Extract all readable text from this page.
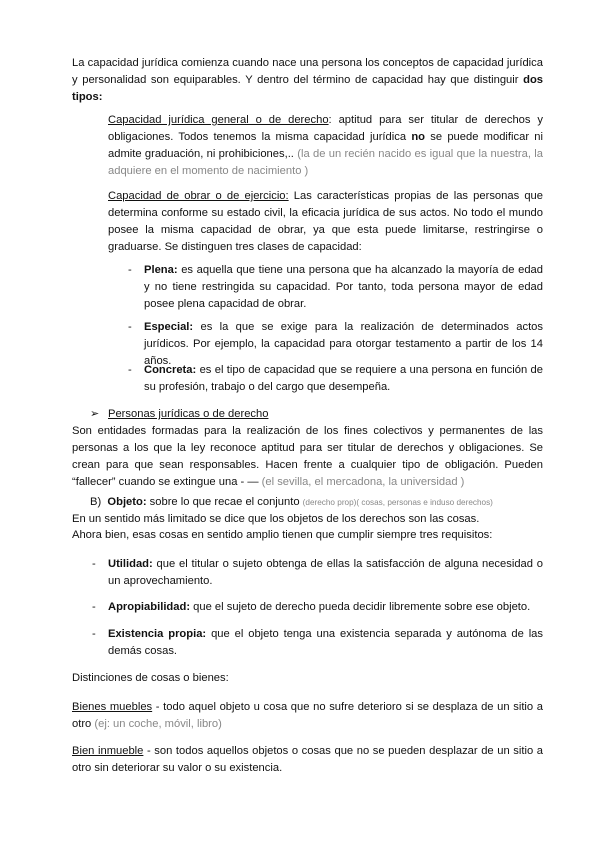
La capacidad jurídica comienza cuando nace una persona los conceptos de capacidad jurídica y personalidad son equiparables. Y dentro del término de capacidad hay que distinguir dos tipos:
Capacidad jurídica general o de derecho: aptitud para ser titular de derechos y obligaciones. Todos tenemos la misma capacidad jurídica no se puede modificar ni admite graduación, ni prohibiciones,.. (la de un recién nacido es igual que la nuestra, la adquiere en el momento de nacimiento )
Capacidad de obrar o de ejercicio: Las características propias de las personas que determina conforme su estado civil, la eficacia jurídica de sus actos. No todo el mundo posee la misma capacidad de obrar, ya que esta puede limitarse, restringirse o graduarse. Se distinguen tres clases de capacidad:
-	Plena: es aquella que tiene una persona que ha alcanzado la mayoría de edad y no tiene restringida su capacidad. Por tanto, toda persona mayor de edad posee plena capacidad de obrar.
-	Especial: es la que se exige para la realización de determinados actos jurídicos. Por ejemplo, la capacidad para otorgar testamento a partir de los 14 años.
-	Concreta: es el tipo de capacidad que se requiere a una persona en función de su profesión, trabajo o del cargo que desempeña.
➢ Personas jurídicas o de derecho
Son entidades formadas para la realización de los fines colectivos y permanentes de las personas a los que la ley reconoce aptitud para ser titular de derechos y obligaciones. Se crean para que sean responsables. Hacen frente a cualquier tipo de obligación. Pueden “fallecer” cuando se extingue una - — (el sevilla, el mercadona, la universidad )
B) Objeto: sobre lo que recae el conjunto (derecho prop)( cosas, personas e induso derechos)
En un sentido más limitado se dice que los objetos de los derechos son las cosas.
Ahora bien, esas cosas en sentido amplio tienen que cumplir siempre tres requisitos:
-	Utilidad: que el titular o sujeto obtenga de ellas la satisfacción de alguna necesidad o un aprovechamiento.
-	Apropiabilidad: que el sujeto de derecho pueda decidir libremente sobre ese objeto.
-	Existencia propia: que el objeto tenga una existencia separada y autónoma de las demás cosas.
Distinciones de cosas o bienes:
Bienes muebles - todo aquel objeto u cosa que no sufre deterioro si se desplaza de un sitio a otro (ej: un coche, móvil, libro)
Bien inmueble - son todos aquellos objetos o cosas que no se pueden desplazar de un sitio a otro sin deteriorar su valor o su existencia.
